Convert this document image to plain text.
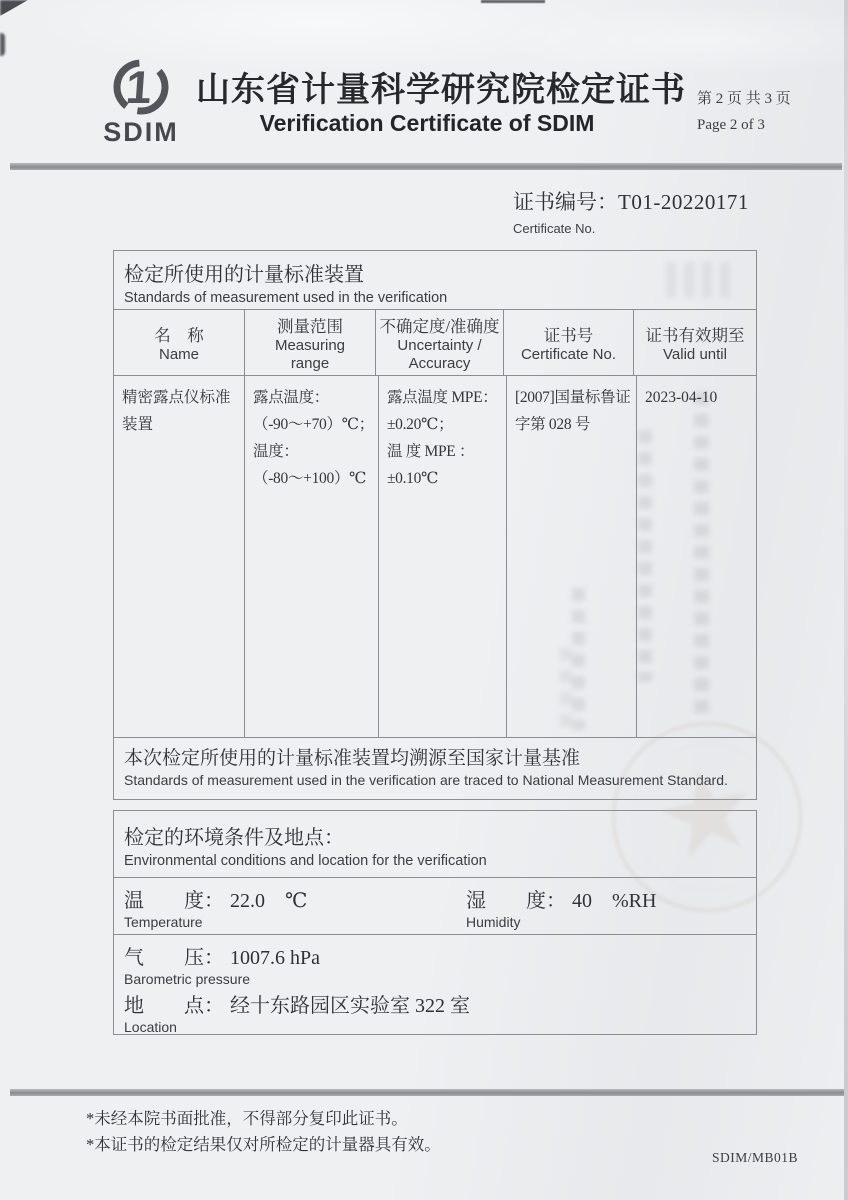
1
SDIM
山东省计量科学研究院检定证书
Verification Certificate of SDIM
第 2 页 共 3 页
Page 2 of 3
证书编号：T01-20220171
Certificate No.
检定所使用的计量标准装置
Standards of measurement used in the verification
名　称
Name
测量范围
Measuring range
不确定度/准确度
Uncertainty / Accuracy
证书号
Certificate No.
证书有效期至
Valid until
精密露点仪标准装置
露点温度：
（-90～+70）℃；
温度：
（-80～+100）℃
露点温度 MPE：
±0.20℃；
温 度 MPE ：
±0.10℃
[2007]国量标鲁证
字第 028 号
2023-04-10
本次检定所使用的计量标准装置均溯源至国家计量基准
Standards of measurement used in the verification are traced to National Measurement Standard.
检定的环境条件及地点：
Environmental conditions and location for the verification
温　　度： 22.0　℃
Temperature
湿　　度： 40　%RH
Humidity
气　　压： 1007.6 hPa
Barometric pressure
地　　点： 经十东路园区实验室 322 室
Location
*未经本院书面批准，不得部分复印此证书。
*本证书的检定结果仅对所检定的计量器具有效。
SDIM/MB01B
